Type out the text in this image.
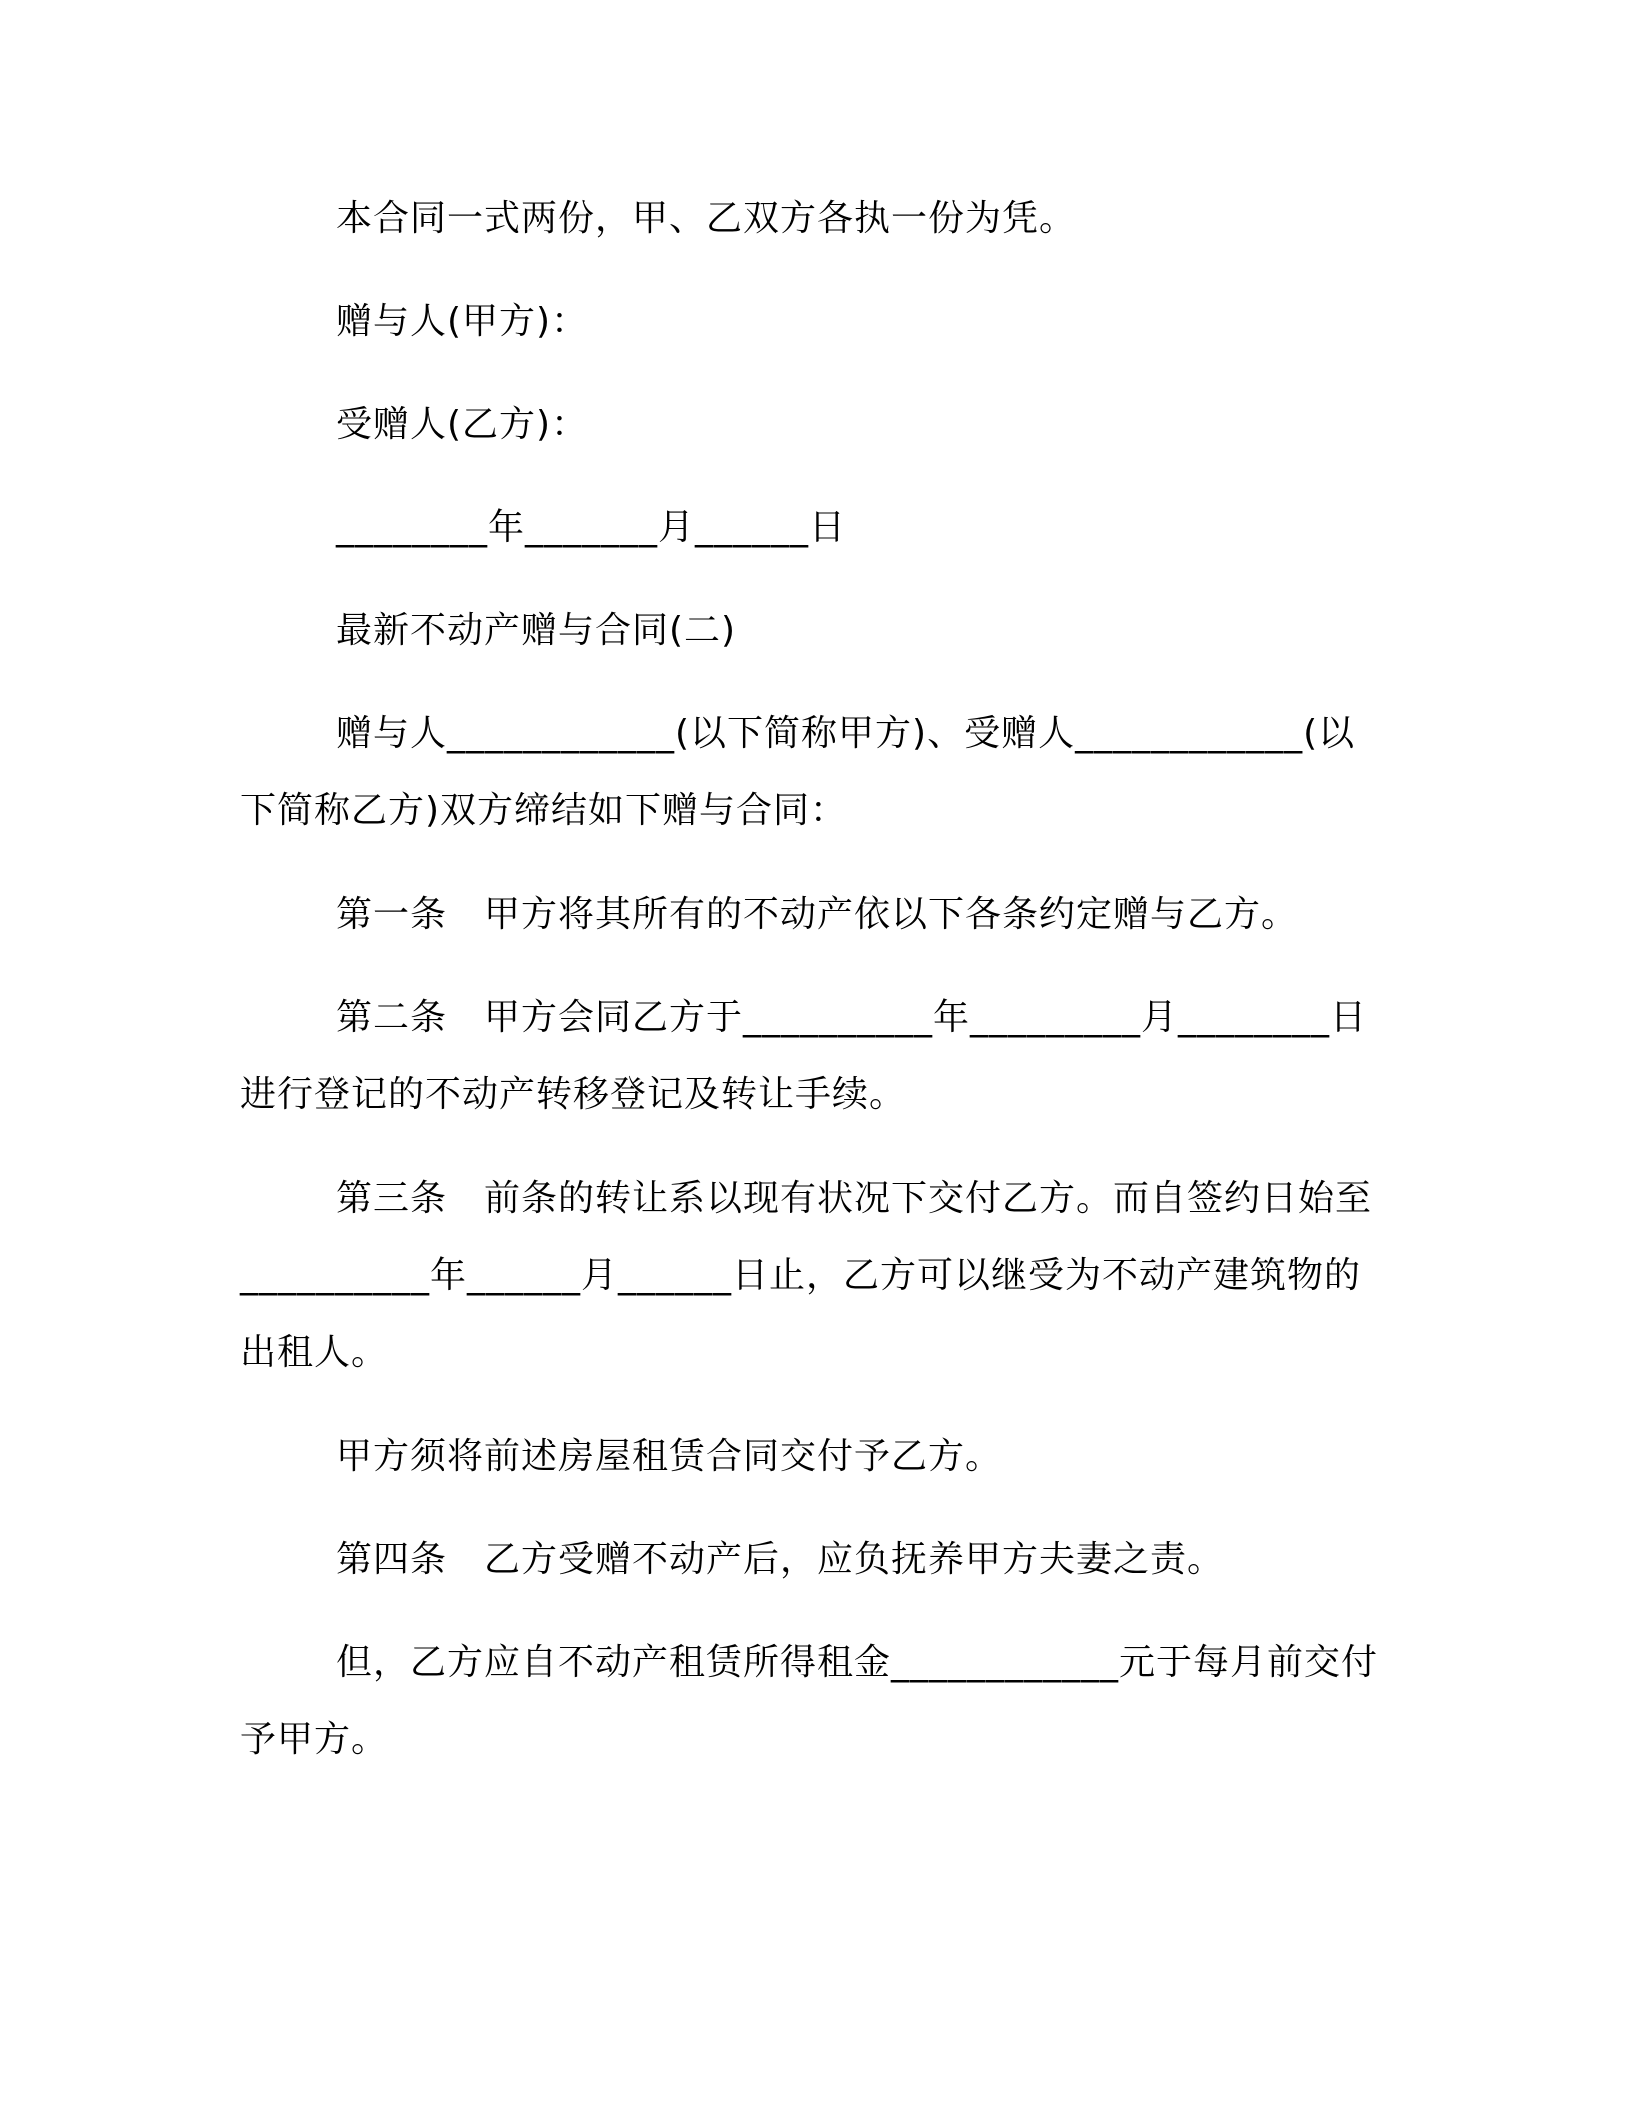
本合同一式两份，甲、乙双方各执一份为凭。
赠与人(甲方)：
受赠人(乙方)：
________年_______月______日
最新不动产赠与合同(二)
赠与人____________(以下简称甲方)、受赠人____________(以下简称乙方)双方缔结如下赠与合同：
第一条　甲方将其所有的不动产依以下各条约定赠与乙方。
第二条　甲方会同乙方于__________年_________月________日进行登记的不动产转移登记及转让手续。
第三条　前条的转让系以现有状况下交付乙方。而自签约日始至__________年______月______日止，乙方可以继受为不动产建筑物的出租人。
甲方须将前述房屋租赁合同交付予乙方。
第四条　乙方受赠不动产后，应负抚养甲方夫妻之责。
但，乙方应自不动产租赁所得租金____________元于每月前交付予甲方。
